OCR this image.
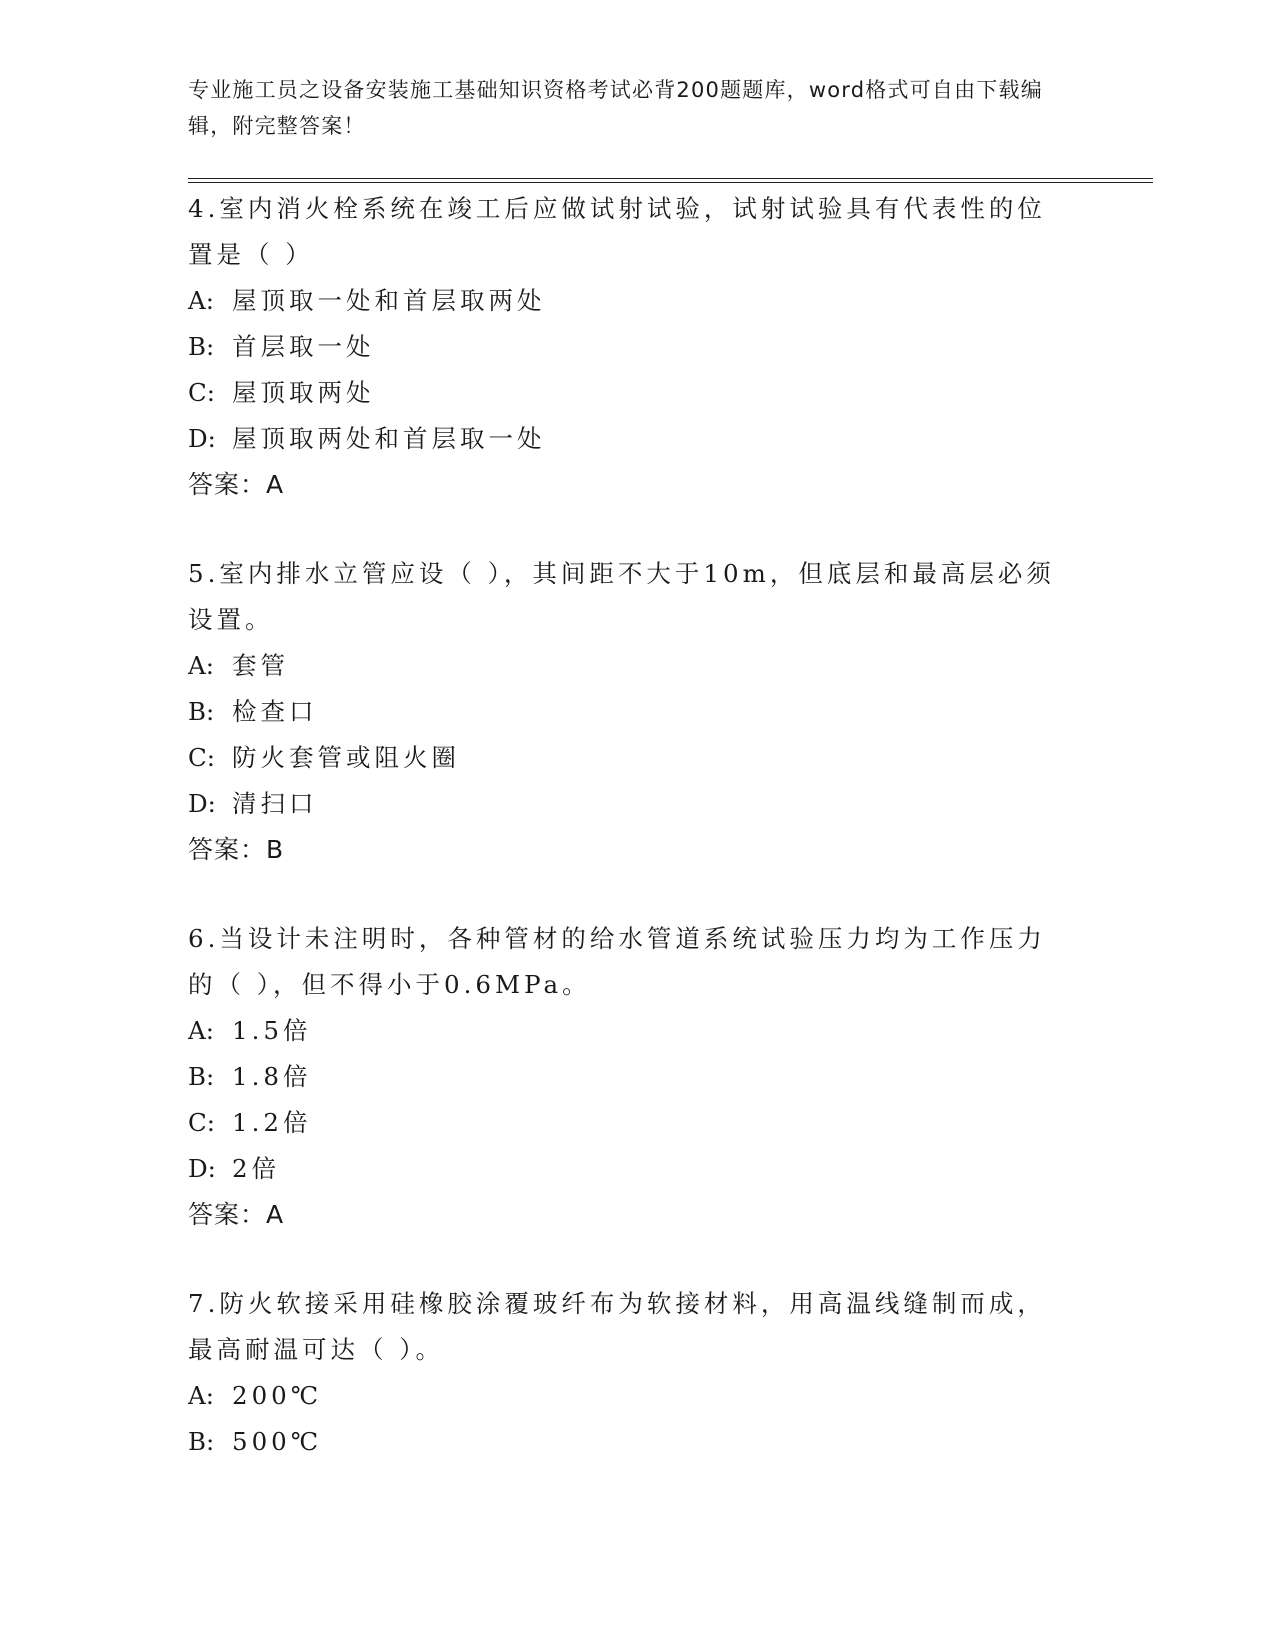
专业施工员之设备安装施工基础知识资格考试必背200题题库，word格式可自由下载编辑，附完整答案！

4.室内消火栓系统在竣工后应做试射试验，试射试验具有代表性的位置是（ ）

A: 屋顶取一处和首层取两处
B: 首层取一处
C: 屋顶取两处
D: 屋顶取两处和首层取一处
答案：A

5.室内排水立管应设（ ），其间距不大于10m，但底层和最高层必须设置。

A: 套管
B: 检查口
C: 防火套管或阻火圈
D: 清扫口
答案：B

6.当设计未注明时，各种管材的给水管道系统试验压力均为工作压力的（ ），但不得小于0.6MPa。

A: 1.5倍
B: 1.8倍
C: 1.2倍
D: 2倍
答案：A

7.防火软接采用硅橡胶涂覆玻纤布为软接材料，用高温线缝制而成，最高耐温可达（ ）。

A: 200℃
B: 500℃
